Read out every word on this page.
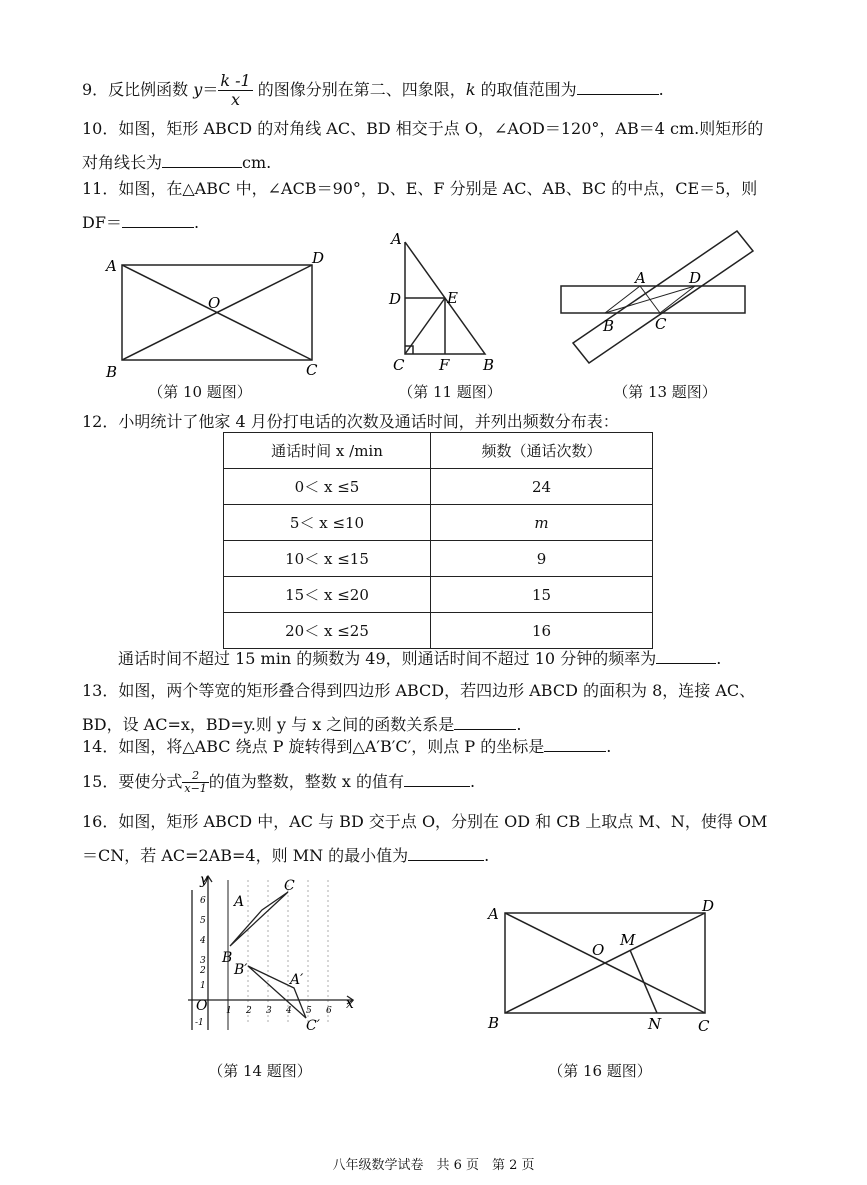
9．反比例函数 $y= \frac{k -1}{x}$ 的图像分别在第二、四象限，k 的取值范围为	.
10．如图，矩形 ABCD 的对角线 AC、BD 相交于点 O，∠AOD＝120°，AB＝4 cm.则矩形的
对角线长为	cm.
11．如图，在△ABC 中，∠ACB＝90°，D、E、F 分别是 AC、AB、BC 的中点，CE＝5，则
DF＝	.
A	D
B	C
O
（第 10 题图）
A
D	E
C F B
（第 11 题图）
A	D
B	C
（第 13 题图）
12．小明统计了他家 4 月份打电话的次数及通话时间，并列出频数分布表：
通话时间 x /min	频数（通话次数）
0＜ x ≤5	24
5＜ x ≤10	m
10＜ x ≤15	9
15＜ x ≤20	15
20＜ x ≤25	16
通话时间不超过 15 min 的频数为 49，则通话时间不超过 10 分钟的频率为	.
13．如图，两个等宽的矩形叠合得到四边形 ABCD，若四边形 ABCD 的面积为 8，连接 AC、
BD，设 AC=x，BD=y.则 y 与 x 之间的函数关系是	.
14．如图，将△ABC 绕点 P 旋转得到△A′B′C′，则点 P 的坐标是	.
15．要使分式 $\frac{2}{x-1}$ 的值为整数，整数 x 的值有	.
16．如图，矩形 ABCD 中，AC 与 BD 交于点 O，分别在 OD 和 CB 上取点 M、N，使得 OM
＝CN，若 AC=2AB=4，则 MN 的最小值为	.
y
x
O
A
C
B
B′
A′
C′
1 2 3 4 5 6
6
5
4
3
2
1
-1
（第 14 题图）
A	D
B	C
O
M
N
（第 16 题图）
八年级数学试卷　共 6 页　第 2 页
